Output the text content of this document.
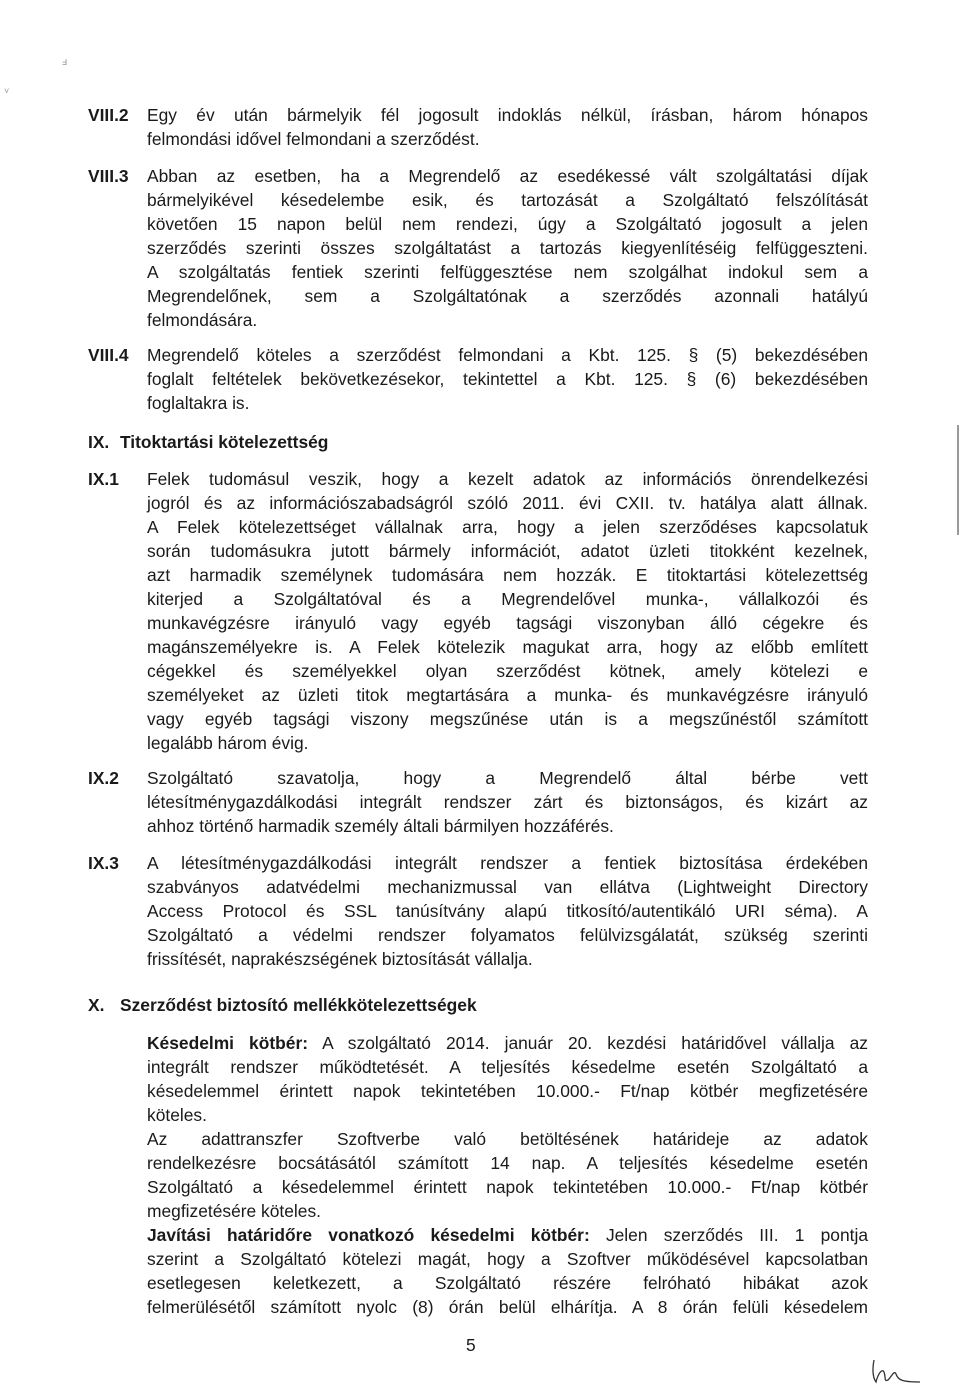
ⅎ
˅
VIII.2 Egy év után bármelyik fél jogosult indoklás nélkül, írásban, három hónapos
felmondási idővel felmondani a szerződést.
VIII.3 Abban az esetben, ha a Megrendelő az esedékessé vált szolgáltatási díjak
bármelyikével késedelembe esik, és tartozását a Szolgáltató felszólítását
követően 15 napon belül nem rendezi, úgy a Szolgáltató jogosult a jelen
szerződés szerinti összes szolgáltatást a tartozás kiegyenlítéséig felfüggeszteni.
A szolgáltatás fentiek szerinti felfüggesztése nem szolgálhat indokul sem a
Megrendelőnek, sem a Szolgáltatónak a szerződés azonnali hatályú
felmondására.
VIII.4 Megrendelő köteles a szerződést felmondani a Kbt. 125. § (5) bekezdésében
foglalt feltételek bekövetkezésekor, tekintettel a Kbt. 125. § (6) bekezdésében
foglaltakra is.
IX. Titoktartási kötelezettség
IX.1 Felek tudomásul veszik, hogy a kezelt adatok az információs önrendelkezési
jogról és az információszabadságról szóló 2011. évi CXII. tv. hatálya alatt állnak.
A Felek kötelezettséget vállalnak arra, hogy a jelen szerződéses kapcsolatuk
során tudomásukra jutott bármely információt, adatot üzleti titokként kezelnek,
azt harmadik személynek tudomására nem hozzák. E titoktartási kötelezettség
kiterjed a Szolgáltatóval és a Megrendelővel munka-, vállalkozói és
munkavégzésre irányuló vagy egyéb tagsági viszonyban álló cégekre és
magánszemélyekre is. A Felek kötelezik magukat arra, hogy az előbb említett
cégekkel és személyekkel olyan szerződést kötnek, amely kötelezi e
személyeket az üzleti titok megtartására a munka- és munkavégzésre irányuló
vagy egyéb tagsági viszony megszűnése után is a megszűnéstől számított
legalább három évig.
IX.2 Szolgáltató szavatolja, hogy a Megrendelő által bérbe vett
létesítménygazdálkodási integrált rendszer zárt és biztonságos, és kizárt az
ahhoz történő harmadik személy általi bármilyen hozzáférés.
IX.3 A létesítménygazdálkodási integrált rendszer a fentiek biztosítása érdekében
szabványos adatvédelmi mechanizmussal van ellátva (Lightweight Directory
Access Protocol és SSL tanúsítvány alapú titkosító/autentikáló URI séma). A
Szolgáltató a védelmi rendszer folyamatos felülvizsgálatát, szükség szerinti
frissítését, naprakészségének biztosítását vállalja.
X. Szerződést biztosító mellékkötelezettségek
Késedelmi kötbér: A szolgáltató 2014. január 20. kezdési határidővel vállalja az
integrált rendszer működtetését. A teljesítés késedelme esetén Szolgáltató a
késedelemmel érintett napok tekintetében 10.000.- Ft/nap kötbér megfizetésére
köteles.
Az adattranszfer Szoftverbe való betöltésének határideje az adatok
rendelkezésre bocsátásától számított 14 nap. A teljesítés késedelme esetén
Szolgáltató a késedelemmel érintett napok tekintetében 10.000.- Ft/nap kötbér
megfizetésére köteles.
Javítási határidőre vonatkozó késedelmi kötbér: Jelen szerződés III. 1 pontja
szerint a Szolgáltató kötelezi magát, hogy a Szoftver működésével kapcsolatban
esetlegesen keletkezett, a Szolgáltató részére felróható hibákat azok
felmerülésétől számított nyolc (8) órán belül elhárítja. A 8 órán felüli késedelem
5
